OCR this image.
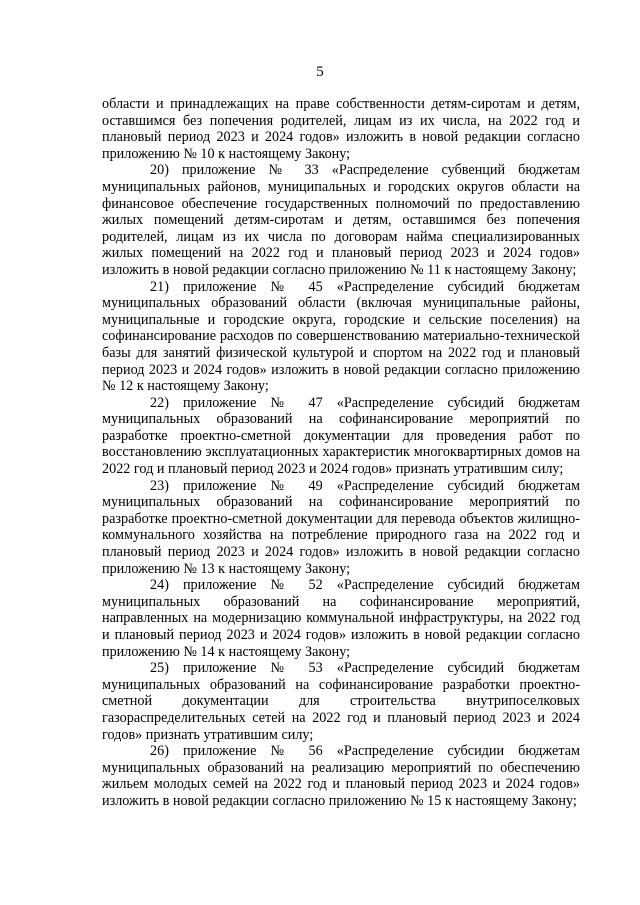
5

области и принадлежащих на праве собственности детям-сиротам и детям, оставшимся без попечения родителей, лицам из их числа, на 2022 год и плановый период 2023 и 2024 годов» изложить в новой редакции согласно приложению № 10 к настоящему Закону;

20) приложение № 33 «Распределение субвенций бюджетам муниципальных районов, муниципальных и городских округов области на финансовое обеспечение государственных полномочий по предоставлению жилых помещений детям-сиротам и детям, оставшимся без попечения родителей, лицам из их числа по договорам найма специализированных жилых помещений на 2022 год и плановый период 2023 и 2024 годов» изложить в новой редакции согласно приложению № 11 к настоящему Закону;

21) приложение № 45 «Распределение субсидий бюджетам муниципальных образований области (включая муниципальные районы, муниципальные и городские округа, городские и сельские поселения) на софинансирование расходов по совершенствованию материально-технической базы для занятий физической культурой и спортом на 2022 год и плановый период 2023 и 2024 годов» изложить в новой редакции согласно приложению № 12 к настоящему Закону;

22) приложение № 47 «Распределение субсидий бюджетам муниципальных образований на софинансирование мероприятий по разработке проектно-сметной документации для проведения работ по восстановлению эксплуатационных характеристик многоквартирных домов на 2022 год и плановый период 2023 и 2024 годов» признать утратившим силу;

23) приложение № 49 «Распределение субсидий бюджетам муниципальных образований на софинансирование мероприятий по разработке проектно-сметной документации для перевода объектов жилищно-коммунального хозяйства на потребление природного газа на 2022 год и плановый период 2023 и 2024 годов» изложить в новой редакции согласно приложению № 13 к настоящему Закону;

24) приложение № 52 «Распределение субсидий бюджетам муниципальных образований на софинансирование мероприятий, направленных на модернизацию коммунальной инфраструктуры, на 2022 год и плановый период 2023 и 2024 годов» изложить в новой редакции согласно приложению № 14 к настоящему Закону;

25) приложение № 53 «Распределение субсидий бюджетам муниципальных образований на софинансирование разработки проектно-сметной документации для строительства внутрипоселковых газораспределительных сетей на 2022 год и плановый период 2023 и 2024 годов» признать утратившим силу;

26) приложение № 56 «Распределение субсидии бюджетам муниципальных образований на реализацию мероприятий по обеспечению жильем молодых семей на 2022 год и плановый период 2023 и 2024 годов» изложить в новой редакции согласно приложению № 15 к настоящему Закону;
